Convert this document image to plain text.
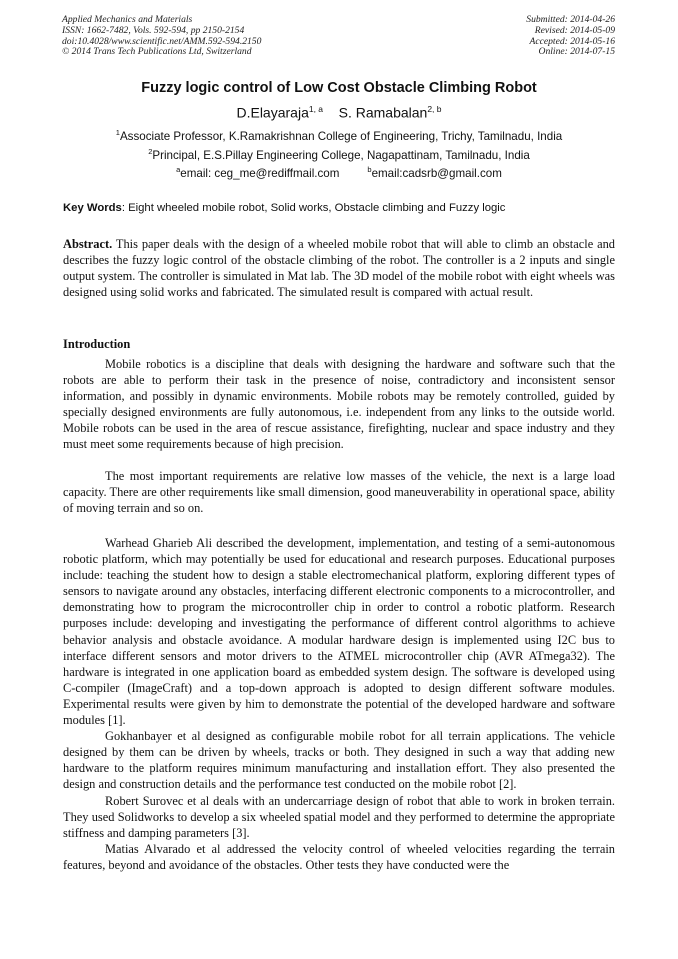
Applied Mechanics and Materials
ISSN: 1662-7482, Vols. 592-594, pp 2150-2154
doi:10.4028/www.scientific.net/AMM.592-594.2150
© 2014 Trans Tech Publications Ltd, Switzerland
Submitted: 2014-04-26
Revised: 2014-05-09
Accepted: 2014-05-16
Online: 2014-07-15
Fuzzy logic control of Low Cost Obstacle Climbing Robot
D.Elayaraja$^{1, a}$ S. Ramabalan$^{2, b}$
$^1$Associate Professor, K.Ramakrishnan College of Engineering, Trichy, Tamilnadu, India
$^2$Principal, E.S.Pillay Engineering College, Nagapattinam, Tamilnadu, India
$^a$email: ceg_me@rediffmail.com	$^b$email:cadsrb@gmail.com
Key Words: Eight wheeled mobile robot, Solid works, Obstacle climbing and Fuzzy logic

Abstract. This paper deals with the design of a wheeled mobile robot that will able to climb an obstacle and describes the fuzzy logic control of the obstacle climbing of the robot. The controller is a 2 inputs and single output system. The controller is simulated in Mat lab. The 3D model of the mobile robot with eight wheels was designed using solid works and fabricated. The simulated result is compared with actual result.

Introduction

Mobile robotics is a discipline that deals with designing the hardware and software such that the robots are able to perform their task in the presence of noise, contradictory and inconsistent sensor information, and possibly in dynamic environments. Mobile robots may be remotely controlled, guided by specially designed environments are fully autonomous, i.e. independent from any links to the outside world. Mobile robots can be used in the area of rescue assistance, firefighting, nuclear and space industry and they must meet some requirements because of high precision.

The most important requirements are relative low masses of the vehicle, the next is a large load capacity. There are other requirements like small dimension, good maneuverability in operational space, ability of moving terrain and so on.

Warhead Gharieb Ali described the development, implementation, and testing of a semi-autonomous robotic platform, which may potentially be used for educational and research purposes. Educational purposes include: teaching the student how to design a stable electromechanical platform, exploring different types of sensors to navigate around any obstacles, interfacing different electronic components to a microcontroller, and demonstrating how to program the microcontroller chip in order to control a robotic platform. Research purposes include: developing and investigating the performance of different control algorithms to achieve behavior analysis and obstacle avoidance. A modular hardware design is implemented using I2C bus to interface different sensors and motor drivers to the ATMEL microcontroller chip (AVR ATmega32). The hardware is integrated in one application board as embedded system design. The software is developed using C-compiler (ImageCraft) and a top-down approach is adopted to design different software modules. Experimental results were given by him to demonstrate the potential of the developed hardware and software modules [1].

Gokhanbayer et al designed as configurable mobile robot for all terrain applications. The vehicle designed by them can be driven by wheels, tracks or both. They designed in such a way that adding new hardware to the platform requires minimum manufacturing and installation effort. They also presented the design and construction details and the performance test conducted on the mobile robot [2].

Robert Surovec et al deals with an undercarriage design of robot that able to work in broken terrain. They used Solidworks to develop a six wheeled spatial model and they performed to determine the appropriate stiffness and damping parameters [3].

Matias Alvarado et al addressed the velocity control of wheeled velocities regarding the terrain features, beyond and avoidance of the obstacles. Other tests they have conducted were the
